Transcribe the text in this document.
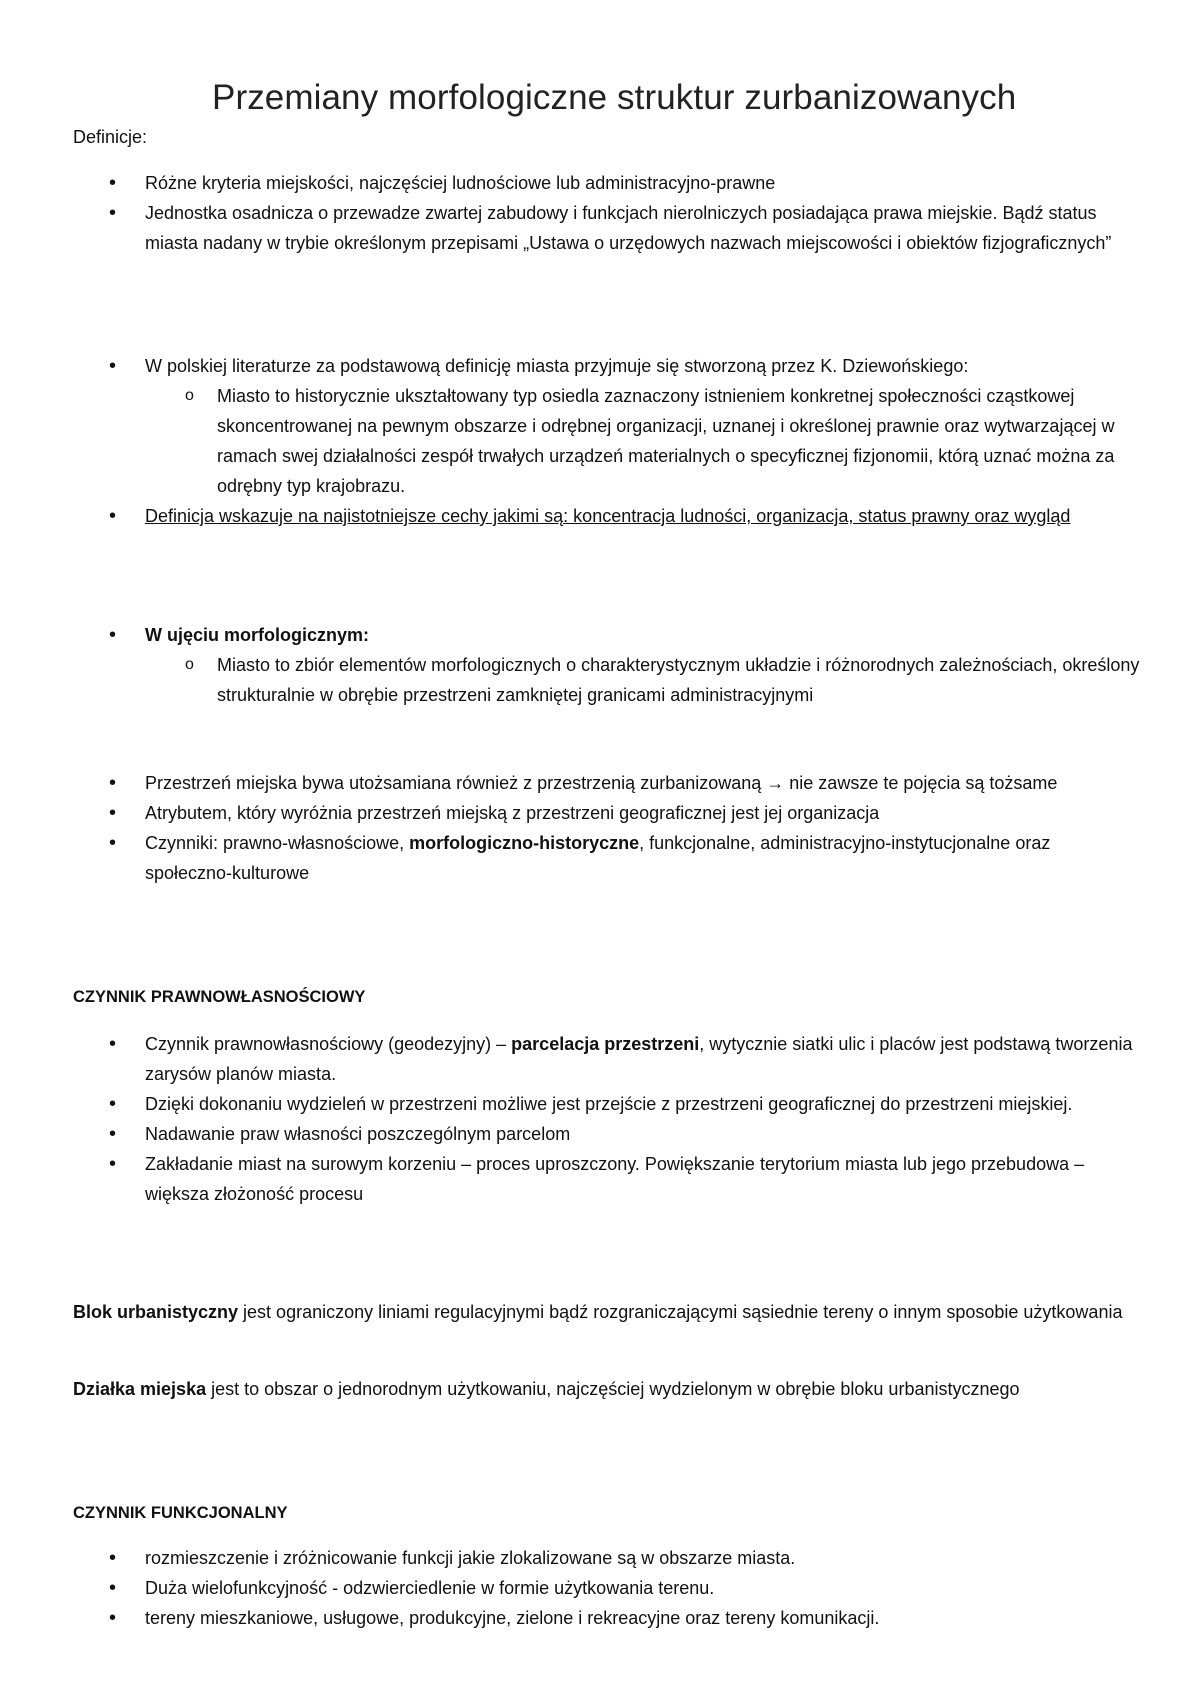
Przemiany morfologiczne struktur zurbanizowanych

Definicje:

• Różne kryteria miejskości, najczęściej ludnościowe lub administracyjno-prawne
• Jednostka osadnicza o przewadze zwartej zabudowy i funkcjach nierolniczych posiadająca prawa miejskie. Bądź status miasta nadany w trybie określonym przepisami „Ustawa o urzędowych nazwach miejscowości i obiektów fizjograficznych”
• W polskiej literaturze za podstawową definicję miasta przyjmuje się stworzoną przez K. Dziewońskiego:
o Miasto to historycznie ukształtowany typ osiedla zaznaczony istnieniem konkretnej społeczności cząstkowej skoncentrowanej na pewnym obszarze i odrębnej organizacji, uznanej i określonej prawnie oraz wytwarzającej w ramach swej działalności zespół trwałych urządzeń materialnych o specyficznej fizjonomii, którą uznać można za odrębny typ krajobrazu.
• Definicja wskazuje na najistotniejsze cechy jakimi są: koncentracja ludności, organizacja, status prawny oraz wygląd
• W ujęciu morfologicznym:
o Miasto to zbiór elementów morfologicznych o charakterystycznym układzie i różnorodnych zależnościach, określony strukturalnie w obrębie przestrzeni zamkniętej granicami administracyjnymi
• Przestrzeń miejska bywa utożsamiana również z przestrzenią zurbanizowaną → nie zawsze te pojęcia są tożsame
• Atrybutem, który wyróżnia przestrzeń miejską z przestrzeni geograficznej jest jej organizacja
• Czynniki: prawno-własnościowe, morfologiczno-historyczne, funkcjonalne, administracyjno-instytucjonalne oraz społeczno-kulturowe

CZYNNIK PRAWNOWŁASNOŚCIOWY

• Czynnik prawnowłasnościowy (geodezyjny) – parcelacja przestrzeni, wytycznie siatki ulic i placów jest podstawą tworzenia zarysów planów miasta.
• Dzięki dokonaniu wydzieleń w przestrzeni możliwe jest przejście z przestrzeni geograficznej do przestrzeni miejskiej.
• Nadawanie praw własności poszczególnym parcelom
• Zakładanie miast na surowym korzeniu – proces uproszczony. Powiększanie terytorium miasta lub jego przebudowa – większa złożoność procesu

Blok urbanistyczny jest ograniczony liniami regulacyjnymi bądź rozgraniczającymi sąsiednie tereny o innym sposobie użytkowania

Działka miejska jest to obszar o jednorodnym użytkowaniu, najczęściej wydzielonym w obrębie bloku urbanistycznego

CZYNNIK FUNKCJONALNY

• rozmieszczenie i zróżnicowanie funkcji jakie zlokalizowane są w obszarze miasta.
• Duża wielofunkcyjność - odzwierciedlenie w formie użytkowania terenu.
• tereny mieszkaniowe, usługowe, produkcyjne, zielone i rekreacyjne oraz tereny komunikacji.
